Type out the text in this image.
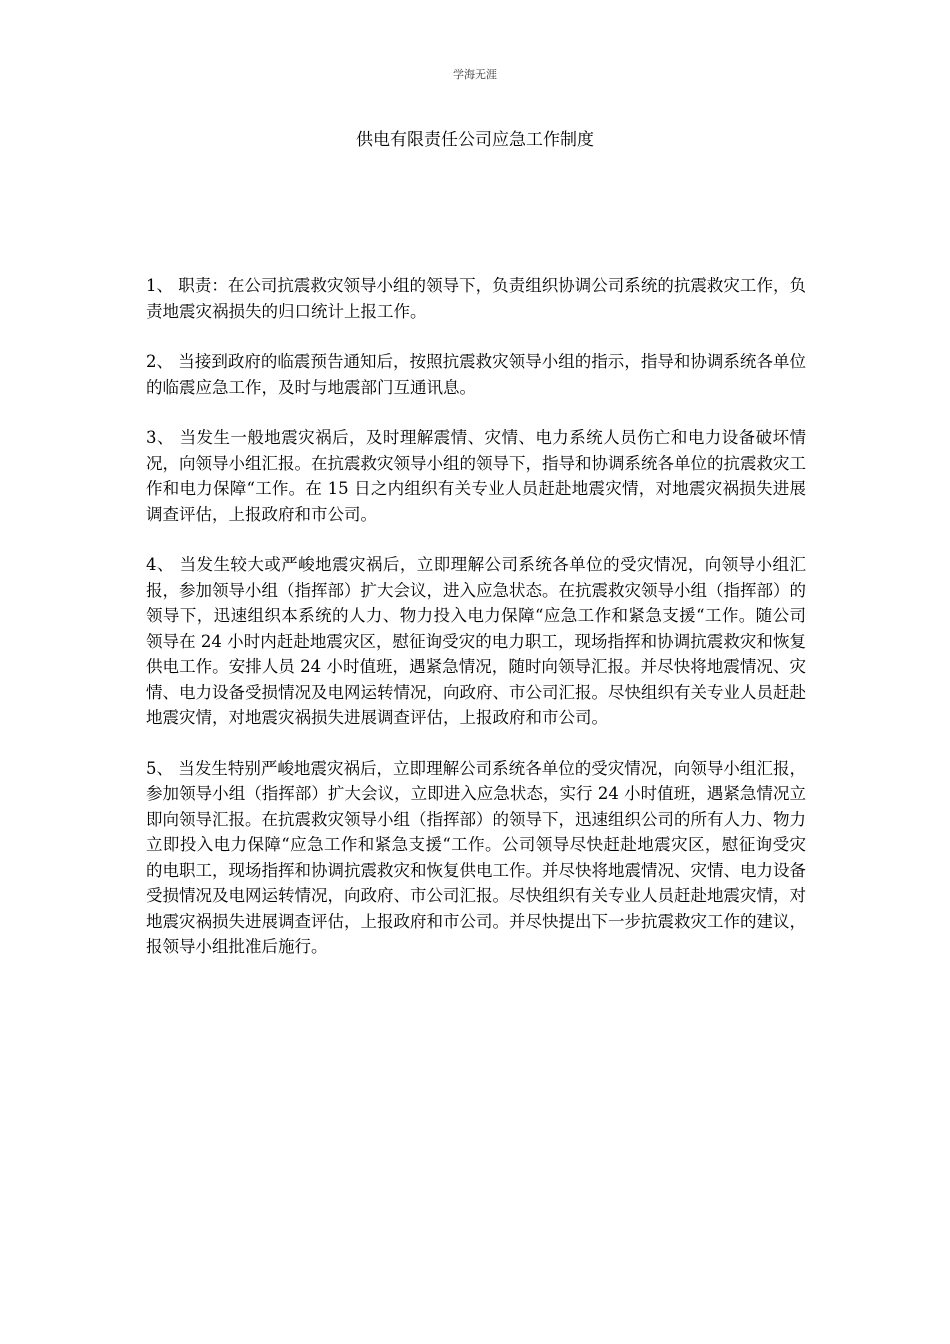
学海无涯
供电有限责任公司应急工作制度

1、 职责：在公司抗震救灾领导小组的领导下，负责组织协调公司系统的抗震救灾工作，负责地震灾祸损失的归口统计上报工作。

2、 当接到政府的临震预告通知后，按照抗震救灾领导小组的指示，指导和协调系统各单位的临震应急工作，及时与地震部门互通讯息。

3、 当发生一般地震灾祸后，及时理解震情、灾情、电力系统人员伤亡和电力设备破坏情况，向领导小组汇报。在抗震救灾领导小组的领导下，指导和协调系统各单位的抗震救灾工作和电力保障“工作。在 15 日之内组织有关专业人员赶赴地震灾情，对地震灾祸损失进展调查评估，上报政府和市公司。

4、 当发生较大或严峻地震灾祸后，立即理解公司系统各单位的受灾情况，向领导小组汇报，参加领导小组（指挥部）扩大会议，进入应急状态。在抗震救灾领导小组（指挥部）的领导下，迅速组织本系统的人力、物力投入电力保障“应急工作和紧急支援“工作。随公司领导在 24 小时内赶赴地震灾区，慰征询受灾的电力职工，现场指挥和协调抗震救灾和恢复供电工作。安排人员 24 小时值班，遇紧急情况，随时向领导汇报。并尽快将地震情况、灾情、电力设备受损情况及电网运转情况，向政府、市公司汇报。尽快组织有关专业人员赶赴地震灾情，对地震灾祸损失进展调查评估，上报政府和市公司。

5、 当发生特别严峻地震灾祸后，立即理解公司系统各单位的受灾情况，向领导小组汇报，参加领导小组（指挥部）扩大会议，立即进入应急状态，实行 24 小时值班，遇紧急情况立即向领导汇报。在抗震救灾领导小组（指挥部）的领导下，迅速组织公司的所有人力、物力立即投入电力保障“应急工作和紧急支援“工作。公司领导尽快赶赴地震灾区，慰征询受灾的电职工，现场指挥和协调抗震救灾和恢复供电工作。并尽快将地震情况、灾情、电力设备受损情况及电网运转情况，向政府、市公司汇报。尽快组织有关专业人员赶赴地震灾情，对地震灾祸损失进展调查评估，上报政府和市公司。并尽快提出下一步抗震救灾工作的建议，报领导小组批准后施行。
